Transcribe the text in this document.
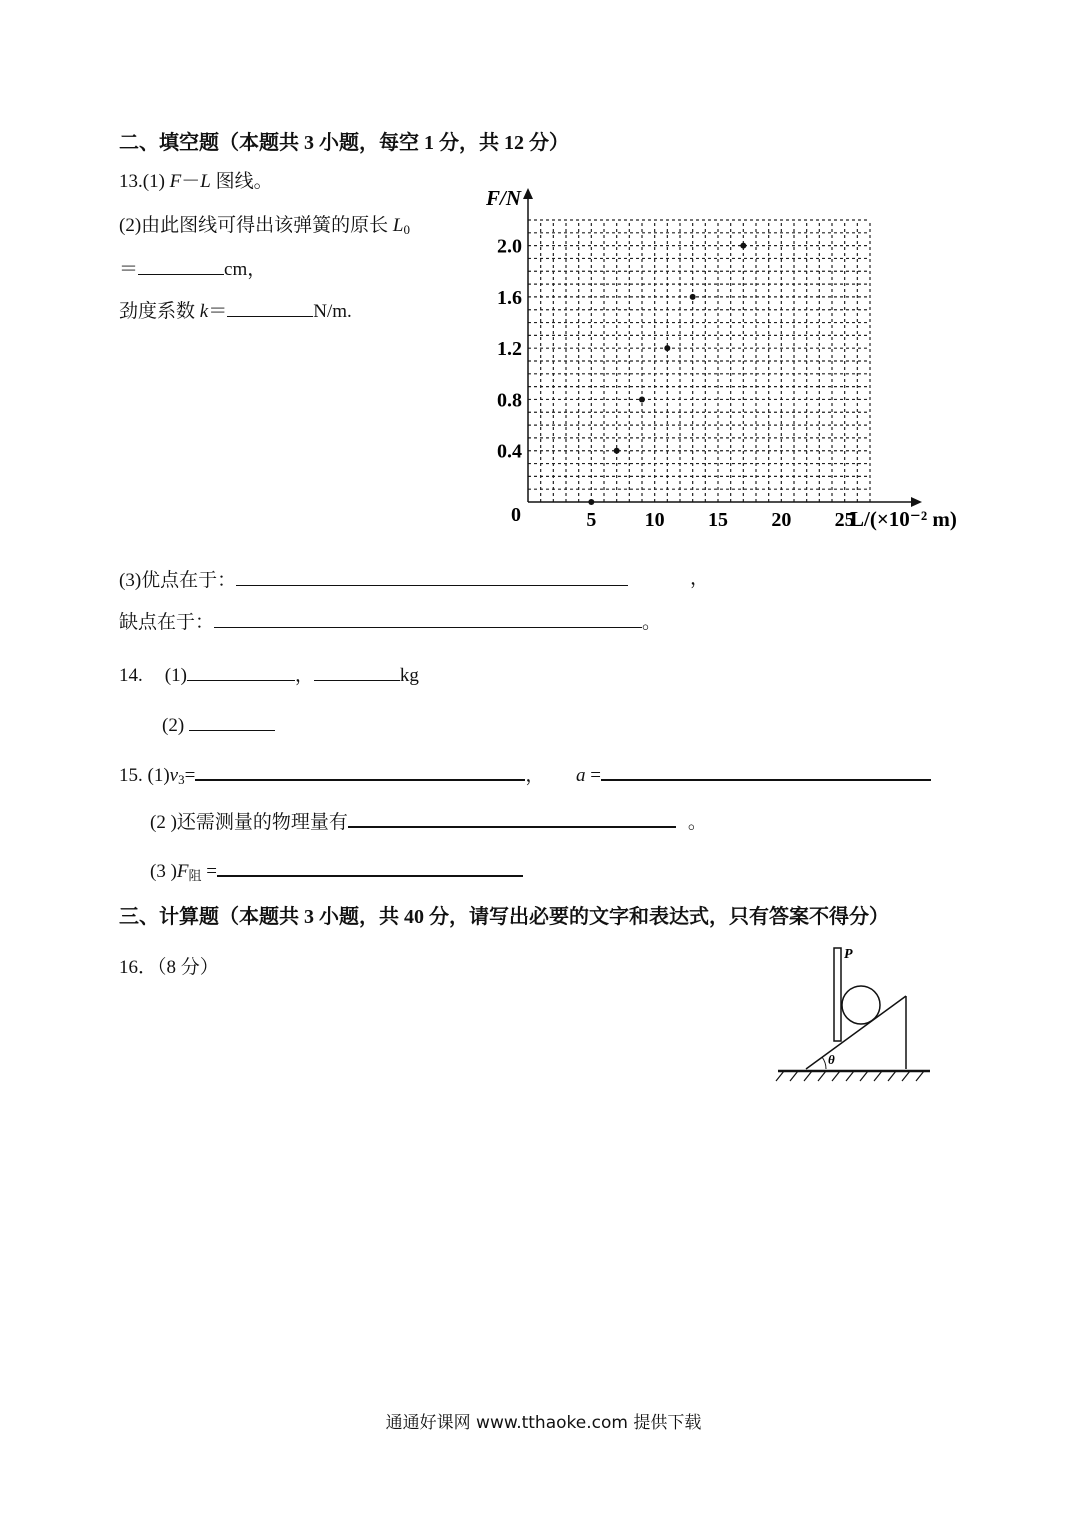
二、填空题（本题共 3 小题，每空 1 分，共 12 分）
13.(1) F－L 图线。
(2)由此图线可得出该弹簧的原长 $L_0$
＝	cm，
劲度系数 k＝	N/m.
F/N
L/(×10⁻² m)
0	5 10 15 20 25
0.4
0.8
1.2
1.6
2.0
(3)优点在于：	，
缺点在于：	。
14. (1)	，	kg
(2)
15. $(1)v_3=$	， a =
(2 )还需测量的物理量有	。
(3 )$F_阻$ =
三、计算题（本题共 3 小题，共 40 分，请写出必要的文字和表达式，只有答案不得分）
16．（8 分）
P
θ
通通好课网 www.tthaoke.com 提供下载
